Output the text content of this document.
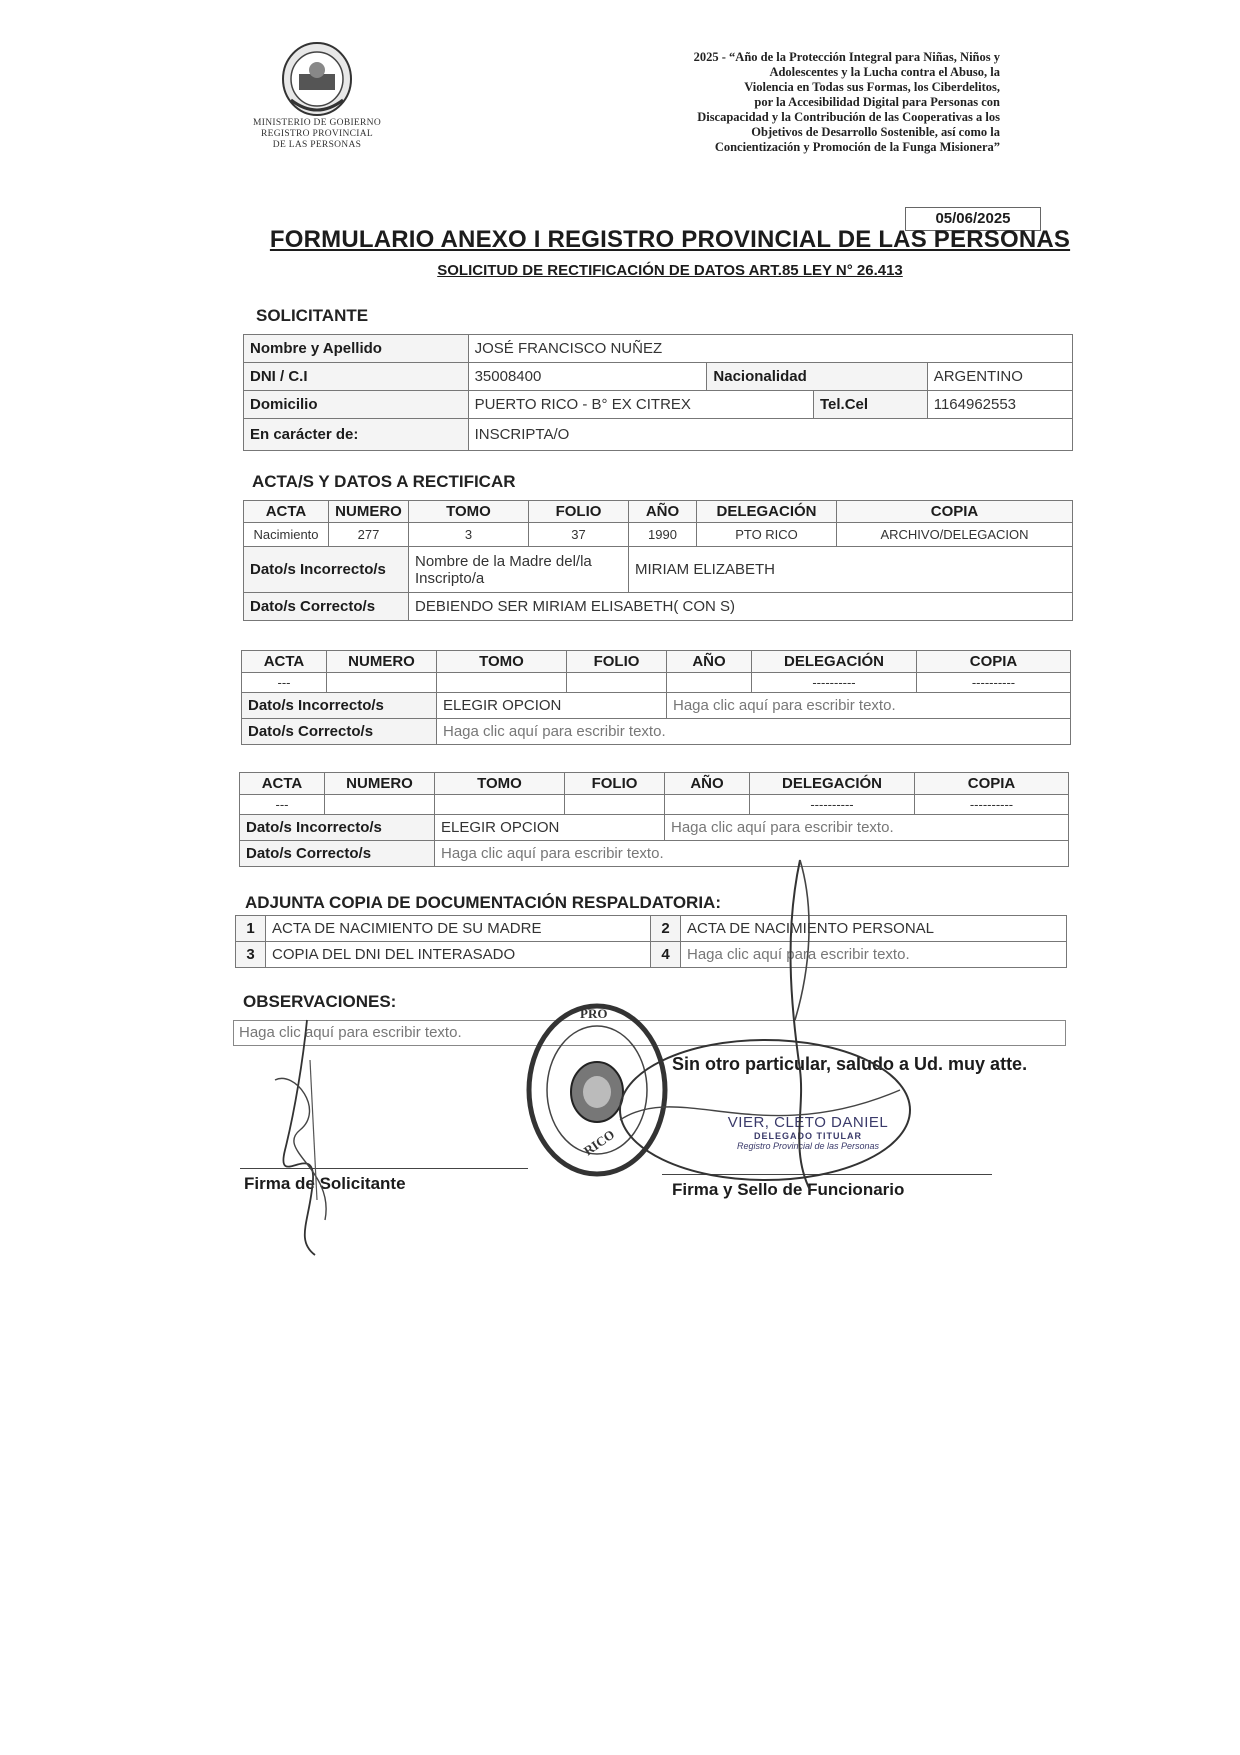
MINISTERIO DE GOBIERNO
REGISTRO PROVINCIAL
DE LAS PERSONAS
2025 - “Año de la Protección Integral para Niñas, Niños y
Adolescentes y la Lucha contra el Abuso, la
Violencia en Todas sus Formas, los Ciberdelitos,
por la Accesibilidad Digital para Personas con
Discapacidad y la Contribución de las Cooperativas a los
Objetivos de Desarrollo Sostenible, así como la
Concientización y Promoción de la Funga Misionera”
05/06/2025
FORMULARIO ANEXO I REGISTRO PROVINCIAL DE LAS PERSONAS
SOLICITUD DE RECTIFICACIÓN DE DATOS ART.85 LEY N° 26.413
SOLICITANTE
Nombre y Apellido	JOSÉ FRANCISCO NUÑEZ			
DNI / C.I	35008400	Nacionalidad		ARGENTINO
Domicilio	PUERTO RICO - B° EX CITREX		Tel.Cel	1164962553
En carácter de:	INSCRIPTA/O			
ACTA/S Y DATOS A RECTIFICAR
ACTA	NUMERO	TOMO	FOLIO	AÑO	DELEGACIÓN	COPIA
Nacimiento	277	3	37	1990	PTO RICO	ARCHIVO/DELEGACION
Dato/s Incorrecto/s		Nombre de la Madre del/la Inscripto/a		MIRIAM ELIZABETH		
Dato/s Correcto/s		DEBIENDO SER MIRIAM ELISABETH( CON S)				
ACTA	NUMERO	TOMO	FOLIO	AÑO	DELEGACIÓN	COPIA
---					----------	----------
Dato/s Incorrecto/s		ELEGIR OPCION		Haga clic aquí para escribir texto.		
Dato/s Correcto/s		Haga clic aquí para escribir texto.				
ACTA	NUMERO	TOMO	FOLIO	AÑO	DELEGACIÓN	COPIA
---					----------	----------
Dato/s Incorrecto/s		ELEGIR OPCION		Haga clic aquí para escribir texto.		
Dato/s Correcto/s		Haga clic aquí para escribir texto.				
ADJUNTA COPIA DE DOCUMENTACIÓN RESPALDATORIA:
1	ACTA DE NACIMIENTO DE SU MADRE	2	ACTA DE NACIMIENTO PERSONAL
3	COPIA DEL DNI DEL INTERASADO	4	Haga clic aquí para escribir texto.
OBSERVACIONES:
Haga clic aquí para escribir texto.
Sin otro particular, saludo a Ud. muy atte.
Firma de Solicitante	Firma y Sello de Funcionario
VIER, CLETO DANIEL
DELEGADO TITULAR
Registro Provincial de las Personas
PRO
RICO
